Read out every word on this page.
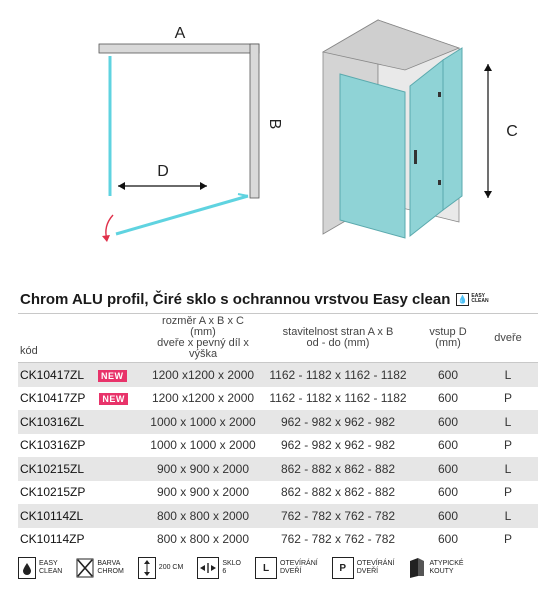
A
B
D
C
Chrom ALU profil, Čiré sklo s ochrannou vrstvou Easy clean 💧 EASY
CLEAN
kód	rozměr A x B x C (mm)
dveře x pevný díl x výška	stavitelnost stran A x B
od - do (mm)	vstup D
(mm)	dveře
CK10417ZL NEW	1200 x1200 x 2000	1162 - 1182 x 1162 - 1182	600	L
CK10417ZP NEW	1200 x1200 x 2000	1162 - 1182 x 1162 - 1182	600	P
CK10316ZL	1000 x 1000 x 2000	962 - 982 x 962 - 982	600	L
CK10316ZP	1000 x 1000 x 2000	962 - 982 x 962 - 982	600	P
CK10215ZL	900 x 900 x 2000	862 - 882 x 862 - 882	600	L
CK10215ZP	900 x 900 x 2000	862 - 882 x 862 - 882	600	P
CK10114ZL	800 x 800 x 2000	762 - 782 x 762 - 782	600	L
CK10114ZP	800 x 800 x 2000	762 - 782 x 762 - 782	600	P
EASY
CLEAN
BARVA
CHROM
200 CM
SKLO
6	L	OTEVÍRÁNÍ
DVEŘÍ	P	OTEVÍRÁNÍ
DVEŘÍ
ATYPICKÉ
KOUTY
